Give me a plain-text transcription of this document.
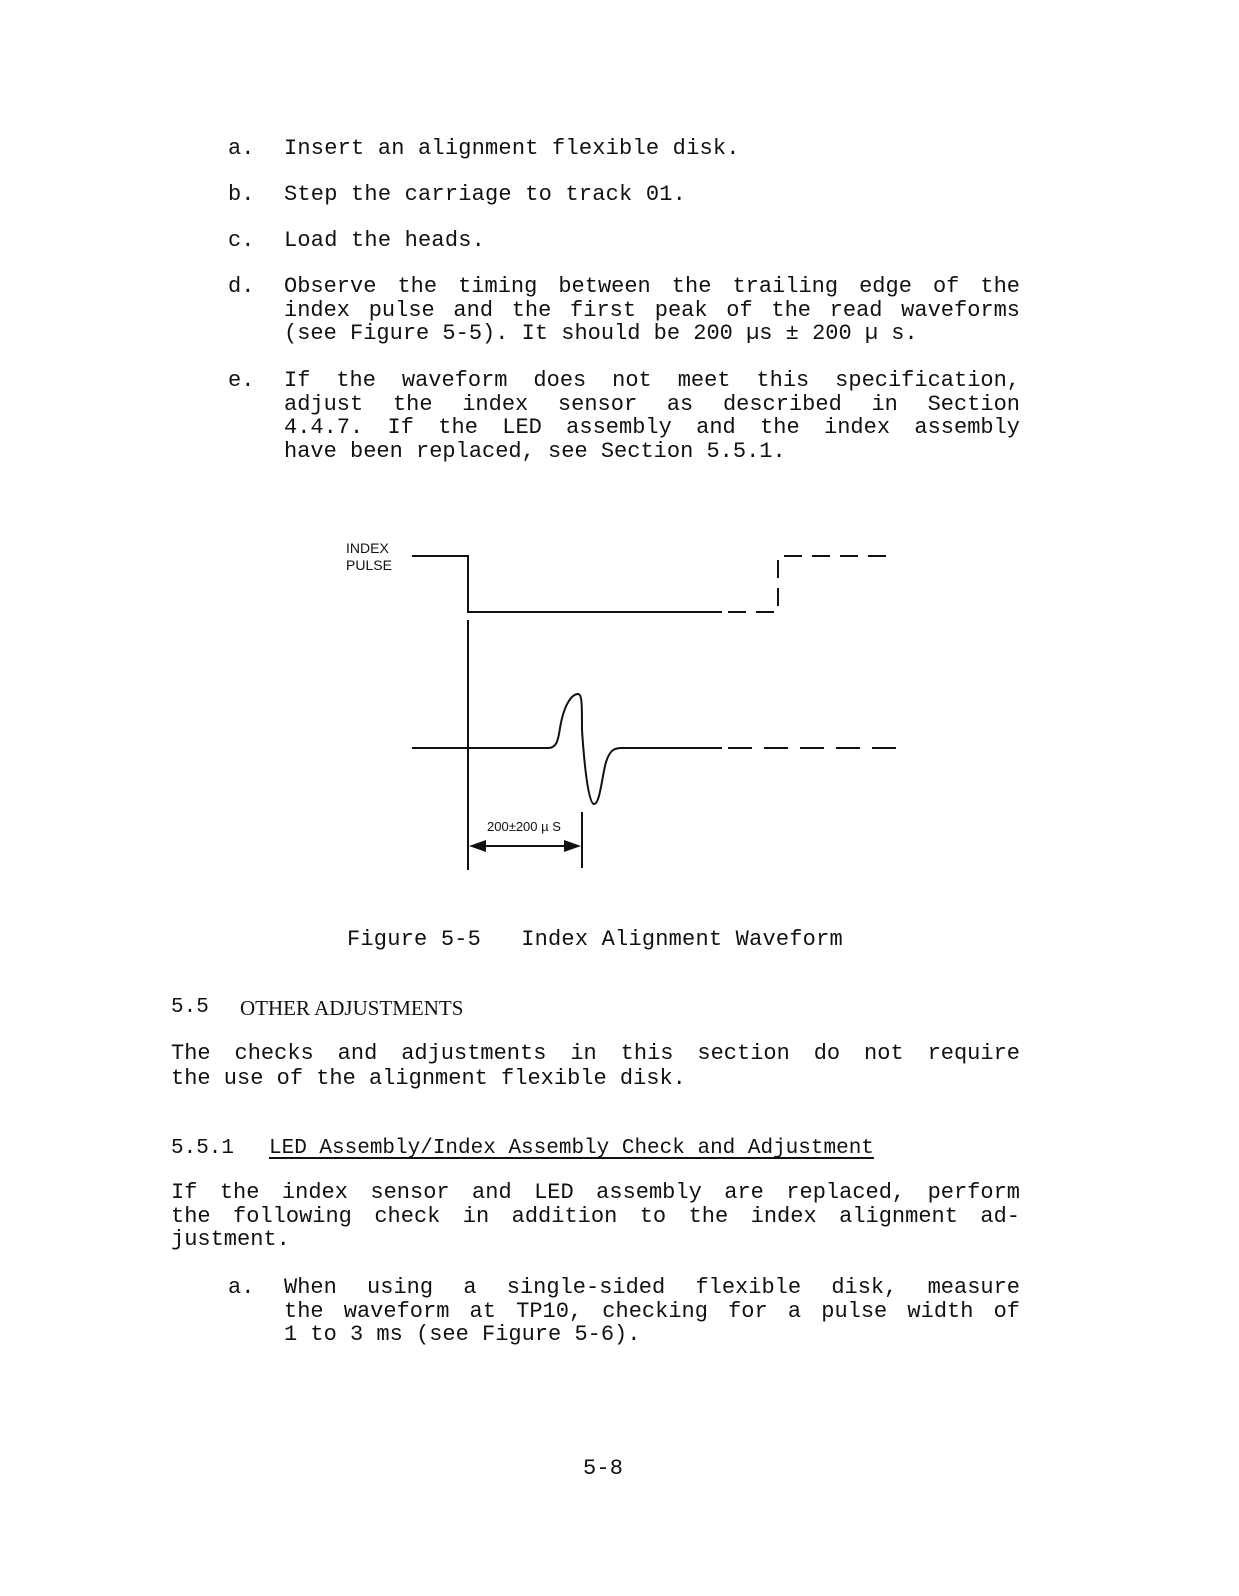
a. Insert an alignment flexible disk.
b. Step the carriage to track 01.
c. Load the heads.
d. Observe the timing between the trailing edge of the
index pulse and the first peak of the read waveforms
(see Figure 5-5). It should be 200 µs ± 200 µ s.
e. If the waveform does not meet this specification,
adjust the index sensor as described in Section
4.4.7. If the LED assembly and the index assembly
have been replaced, see Section 5.5.1.
INDEX
PULSE
200±200 µ S
Figure 5-5   Index Alignment Waveform
5.5 OTHER ADJUSTMENTS
The checks and adjustments in this section do not require
the use of the alignment flexible disk.
5.5.1 LED Assembly/Index Assembly Check and Adjustment
If the index sensor and LED assembly are replaced, perform
the following check in addition to the index alignment ad-
justment.
a. When using a single-sided flexible disk, measure
the waveform at TP10, checking for a pulse width of
1 to 3 ms (see Figure 5-6).
5-8
